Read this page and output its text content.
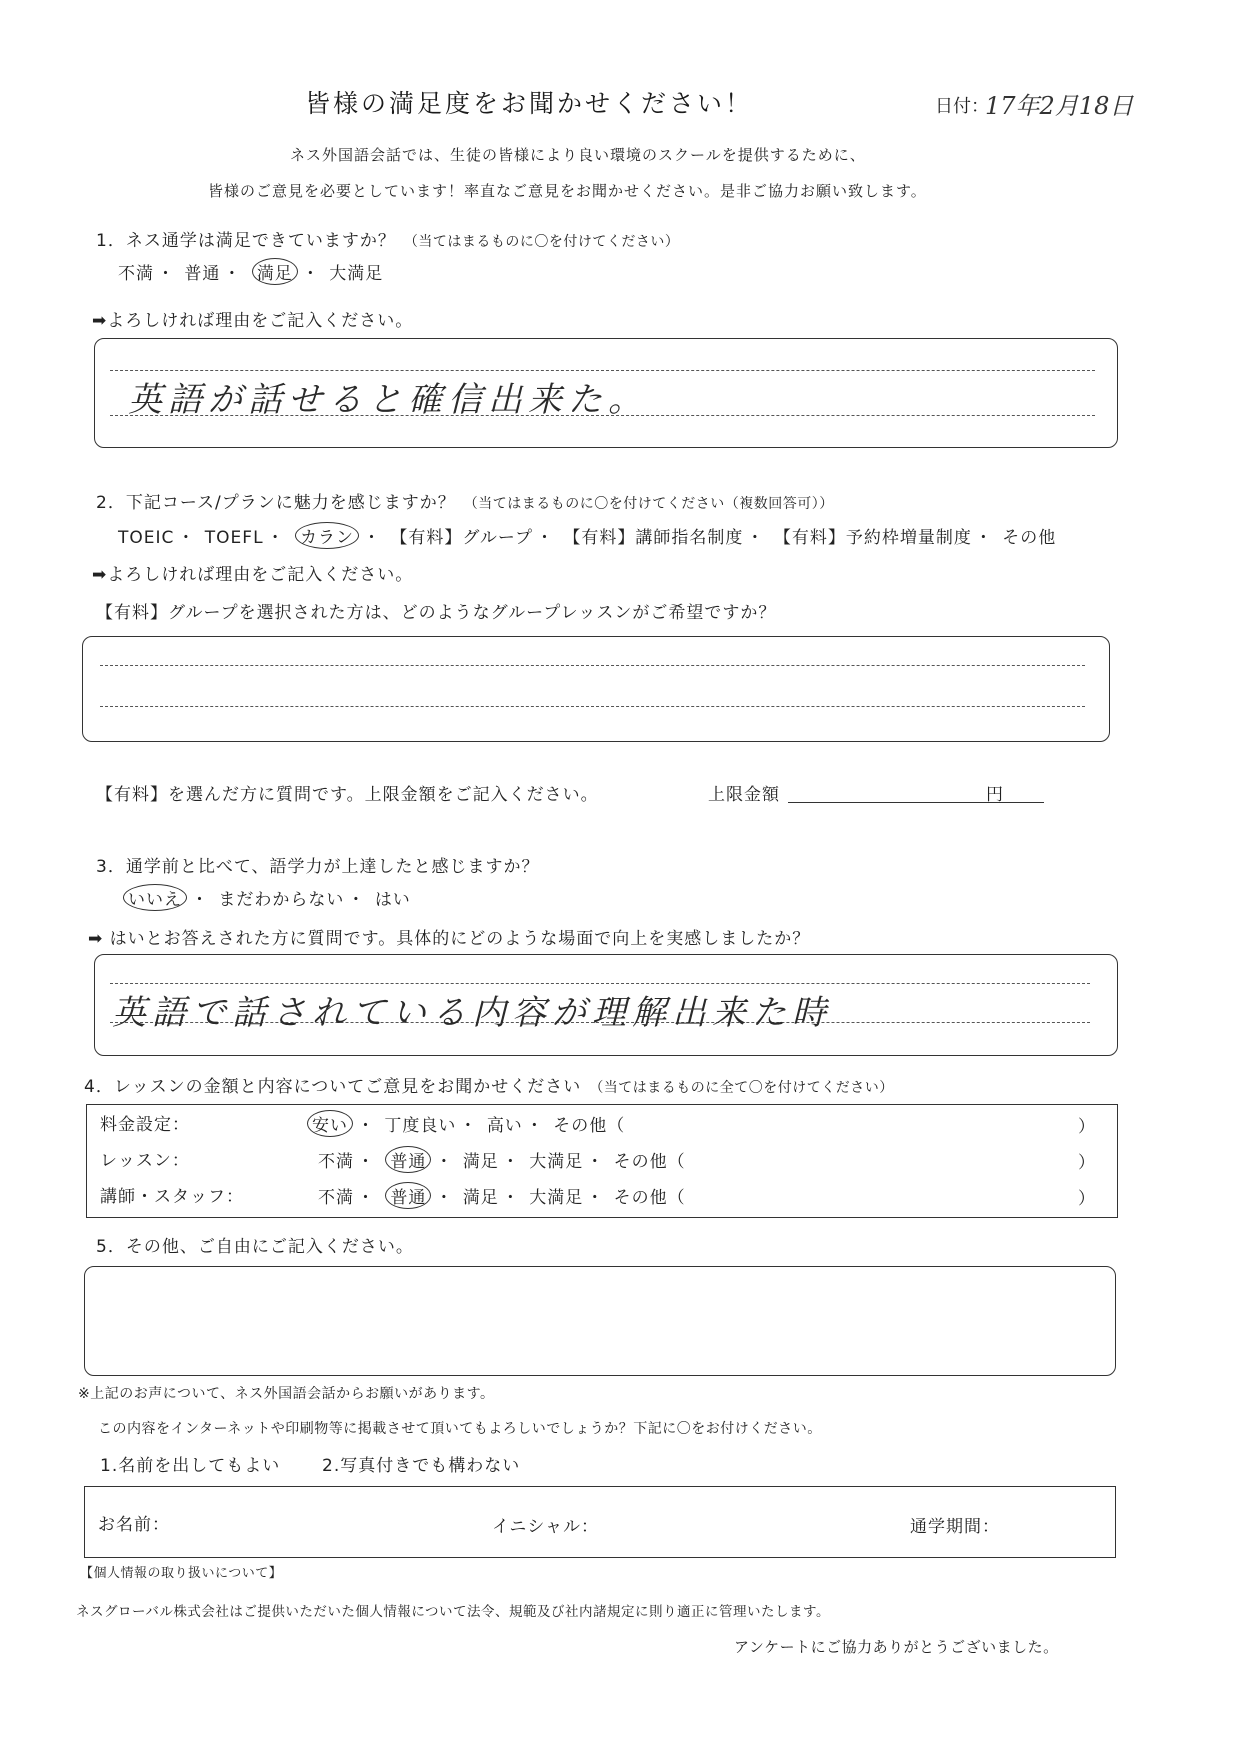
皆様の満足度をお聞かせください！	日付：
17年2月18日
ネス外国語会話では、生徒の皆様により良い環境のスクールを提供するために、
皆様のご意見を必要としています！率直なご意見をお聞かせください。是非ご協力お願い致します。
1．ネス通学は満足できていますか？ （当てはまるものに〇を付けてください）
不満 ・ 普通 ・ 満足 ・ 大満足
➡よろしければ理由をご記入ください。
英語が話せると確信出来た。
2．下記コース/プランに魅力を感じますか？ （当てはまるものに〇を付けてください（複数回答可））
TOEIC ・ TOEFL ・ カラン ・ 【有料】グループ ・ 【有料】講師指名制度 ・ 【有料】予約枠増量制度 ・ その他
➡よろしければ理由をご記入ください。
【有料】グループを選択された方は、どのようなグループレッスンがご希望ですか？
【有料】を選んだ方に質問です。上限金額をご記入ください。	上限金額	円
3．通学前と比べて、語学力が上達したと感じますか？
いいえ ・ まだわからない ・ はい
➡ はいとお答えされた方に質問です。具体的にどのような場面で向上を実感しましたか？
英語で話されている内容が理解出来た時
4．レッスンの金額と内容についてご意見をお聞かせください （当てはまるものに全て〇を付けてください）
料金設定：	安い ・ 丁度良い ・ 高い ・ その他（	）
レッスン：	不満 ・ 普通 ・ 満足 ・ 大満足 ・ その他（	）
講師・スタッフ：	不満 ・ 普通 ・ 満足 ・ 大満足 ・ その他（	）
5．その他、ご自由にご記入ください。
※上記のお声について、ネス外国語会話からお願いがあります。
この内容をインターネットや印刷物等に掲載させて頂いてもよろしいでしょうか？下記に〇をお付けください。
1.名前を出してもよい 2.写真付きでも構わない
お名前：	イニシャル：	通学期間：
【個人情報の取り扱いについて】
ネスグローバル株式会社はご提供いただいた個人情報について法令、規範及び社内諸規定に則り適正に管理いたします。
アンケートにご協力ありがとうございました。
